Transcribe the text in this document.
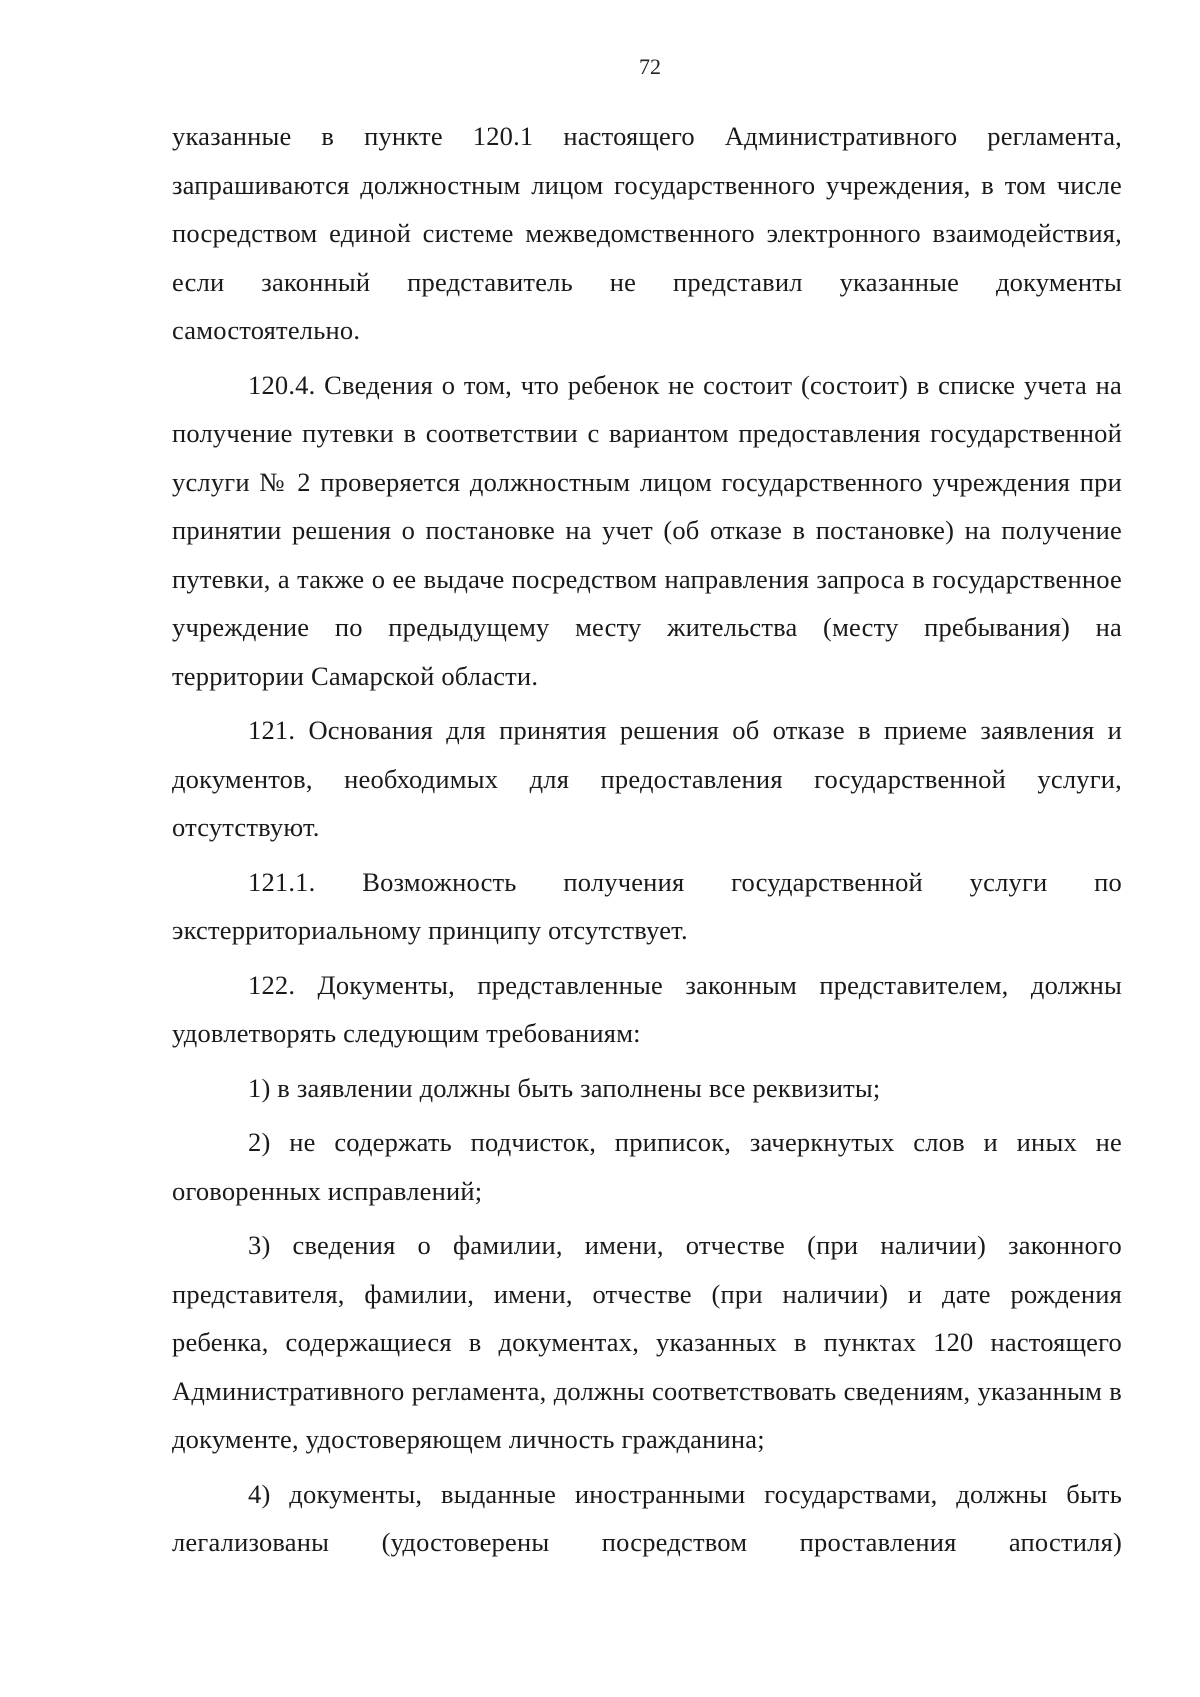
72

указанные в пункте 120.1 настоящего Административного регламента, запрашиваются должностным лицом государственного учреждения, в том числе посредством единой системе межведомственного электронного взаимодействия, если законный представитель не представил указанные документы самостоятельно.

120.4. Сведения о том, что ребенок не состоит (состоит) в списке учета на получение путевки в соответствии с вариантом предоставления государственной услуги № 2 проверяется должностным лицом государственного учреждения при принятии решения о постановке на учет (об отказе в постановке) на получение путевки, а также о ее выдаче посредством направления запроса в государственное учреждение по предыдущему месту жительства (месту пребывания) на территории Самарской области.

121. Основания для принятия решения об отказе в приеме заявления и документов, необходимых для предоставления государственной услуги, отсутствуют.

121.1. Возможность получения государственной услуги по экстерриториальному принципу отсутствует.

122. Документы, представленные законным представителем, должны удовлетворять следующим требованиям:

1) в заявлении должны быть заполнены все реквизиты;

2) не содержать подчисток, приписок, зачеркнутых слов и иных не оговоренных исправлений;

3) сведения о фамилии, имени, отчестве (при наличии) законного представителя, фамилии, имени, отчестве (при наличии) и дате рождения ребенка, содержащиеся в документах, указанных в пунктах 120 настоящего Административного регламента, должны соответствовать сведениям, указанным в документе, удостоверяющем личность гражданина;

4) документы, выданные иностранными государствами, должны быть легализованы (удостоверены посредством проставления апостиля)
